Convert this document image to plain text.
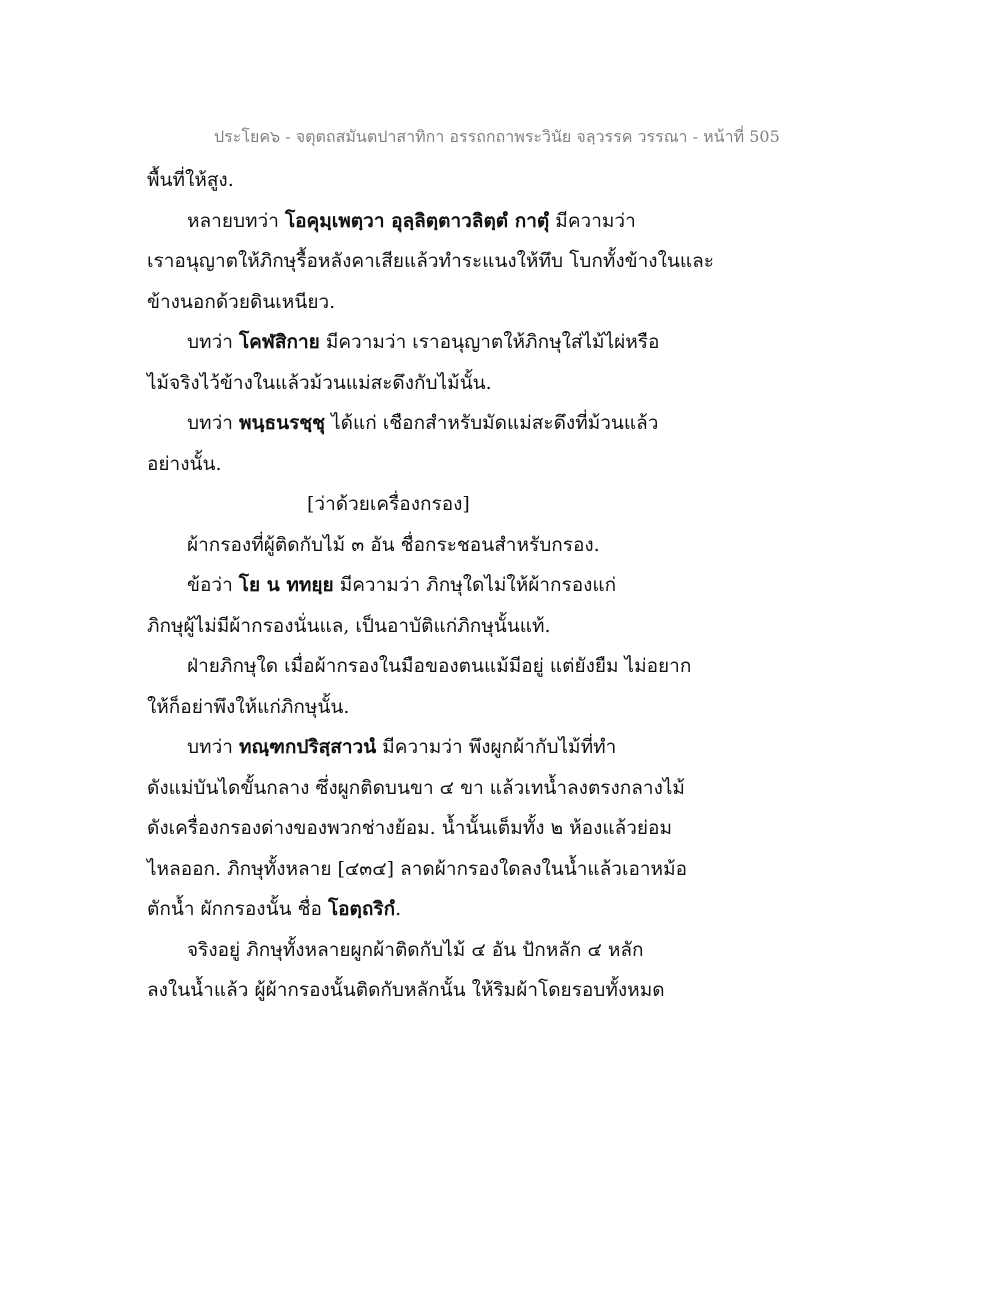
ประโยค๖ - จตุตถสมันตปาสาทิกา อรรถกถาพระวินัย จลฺวรรค วรรณา - หน้าที่ 505
พื้นที่ให้สูง.
หลายบทว่า โอคุมฺเพตฺวา อุลฺลิตฺตาวลิตฺตํ กาตุํ มีความว่า
เราอนุญาตให้ภิกษุรื้อหลังคาเสียแล้วทำระแนงให้ทึบ โบกทั้งข้างในและ
ข้างนอกด้วยดินเหนียว.
บทว่า โคฬสิกาย มีความว่า เราอนุญาตให้ภิกษุใส่ไม้ไผ่หรือ
ไม้จริงไว้ข้างในแล้วม้วนแม่สะดึงกับไม้นั้น.
บทว่า พนฺธนรชฺชุ ได้แก่ เชือกสำหรับมัดแม่สะดึงที่ม้วนแล้ว
อย่างนั้น.
[ว่าด้วยเครื่องกรอง]
ผ้ากรองที่ผู้ติดกับไม้ ๓ อัน ชื่อกระชอนสำหรับกรอง.
ข้อว่า โย น ททยฺย มีความว่า ภิกษุใดไม่ให้ผ้ากรองแก่
ภิกษุผู้ไม่มีผ้ากรองนั่นแล, เป็นอาบัติแก่ภิกษุนั้นแท้.
ฝ่ายภิกษุใด เมื่อผ้ากรองในมือของตนแม้มีอยู่ แต่ยังยืม ไม่อยาก
ให้ก็อย่าพึงให้แก่ภิกษุนั้น.
บทว่า ทณฺฑกปริสฺสาวนํ มีความว่า พึงผูกผ้ากับไม้ที่ทำ
ดังแม่บันไดขั้นกลาง ซึ่งผูกติดบนขา ๔ ขา แล้วเทน้ำลงตรงกลางไม้
ดังเครื่องกรองด่างของพวกช่างย้อม. น้ำนั้นเต็มทั้ง ๒ ห้องแล้วย่อม
ไหลออก. ภิกษุทั้งหลาย [๔๓๔] ลาดผ้ากรองใดลงในน้ำแล้วเอาหม้อ
ตักน้ำ ผักกรองนั้น ชื่อ โอตฺถริกํ.
จริงอยู่ ภิกษุทั้งหลายผูกผ้าติดกับไม้ ๔ อัน ปักหลัก ๔ หลัก
ลงในน้ำแล้ว ผู้ผ้ากรองนั้นติดกับหลักนั้น ให้ริมผ้าโดยรอบทั้งหมด
